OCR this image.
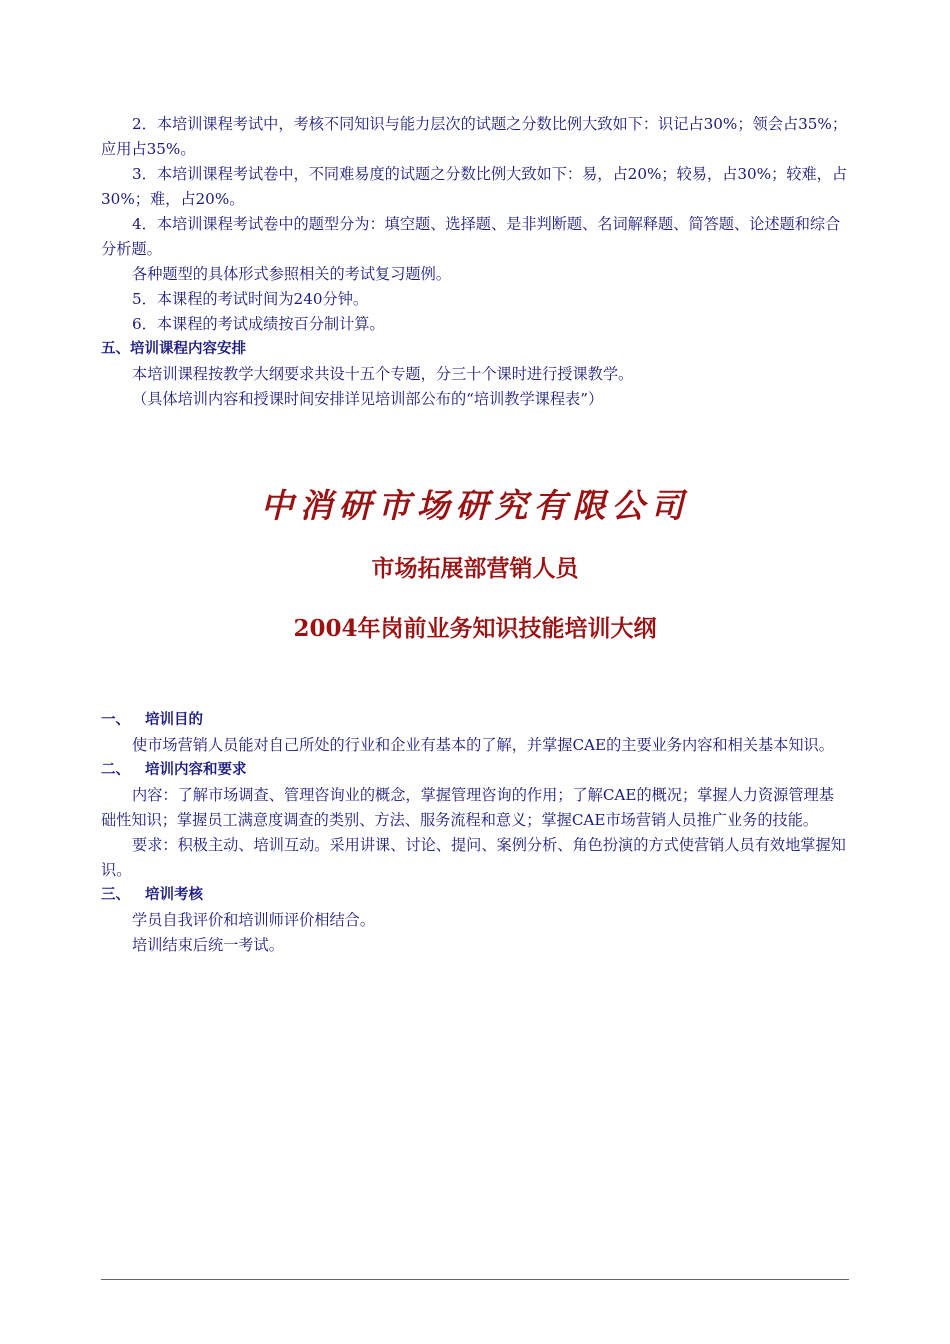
2．本培训课程考试中，考核不同知识与能力层次的试题之分数比例大致如下：识记占30%；领会占35%；应用占35%。

3．本培训课程考试卷中，不同难易度的试题之分数比例大致如下：易，占20%；较易，占30%；较难，占30%；难，占20%。

4．本培训课程考试卷中的题型分为：填空题、选择题、是非判断题、名词解释题、简答题、论述题和综合分析题。

各种题型的具体形式参照相关的考试复习题例。

5．本课程的考试时间为240分钟。

6．本课程的考试成绩按百分制计算。

五、培训课程内容安排

本培训课程按教学大纲要求共设十五个专题，分三十个课时进行授课教学。

（具体培训内容和授课时间安排详见培训部公布的“培训教学课程表”）

中消研市场研究有限公司
市场拓展部营销人员
2004年岗前业务知识技能培训大纲

一、 培训目的

使市场营销人员能对自己所处的行业和企业有基本的了解，并掌握CAE的主要业务内容和相关基本知识。

二、 培训内容和要求

内容：了解市场调查、管理咨询业的概念，掌握管理咨询的作用；了解CAE的概况；掌握人力资源管理基础性知识；掌握员工满意度调查的类别、方法、服务流程和意义；掌握CAE市场营销人员推广业务的技能。

要求：积极主动、培训互动。采用讲课、讨论、提问、案例分析、角色扮演的方式使营销人员有效地掌握知识。

三、 培训考核

学员自我评价和培训师评价相结合。

培训结束后统一考试。
